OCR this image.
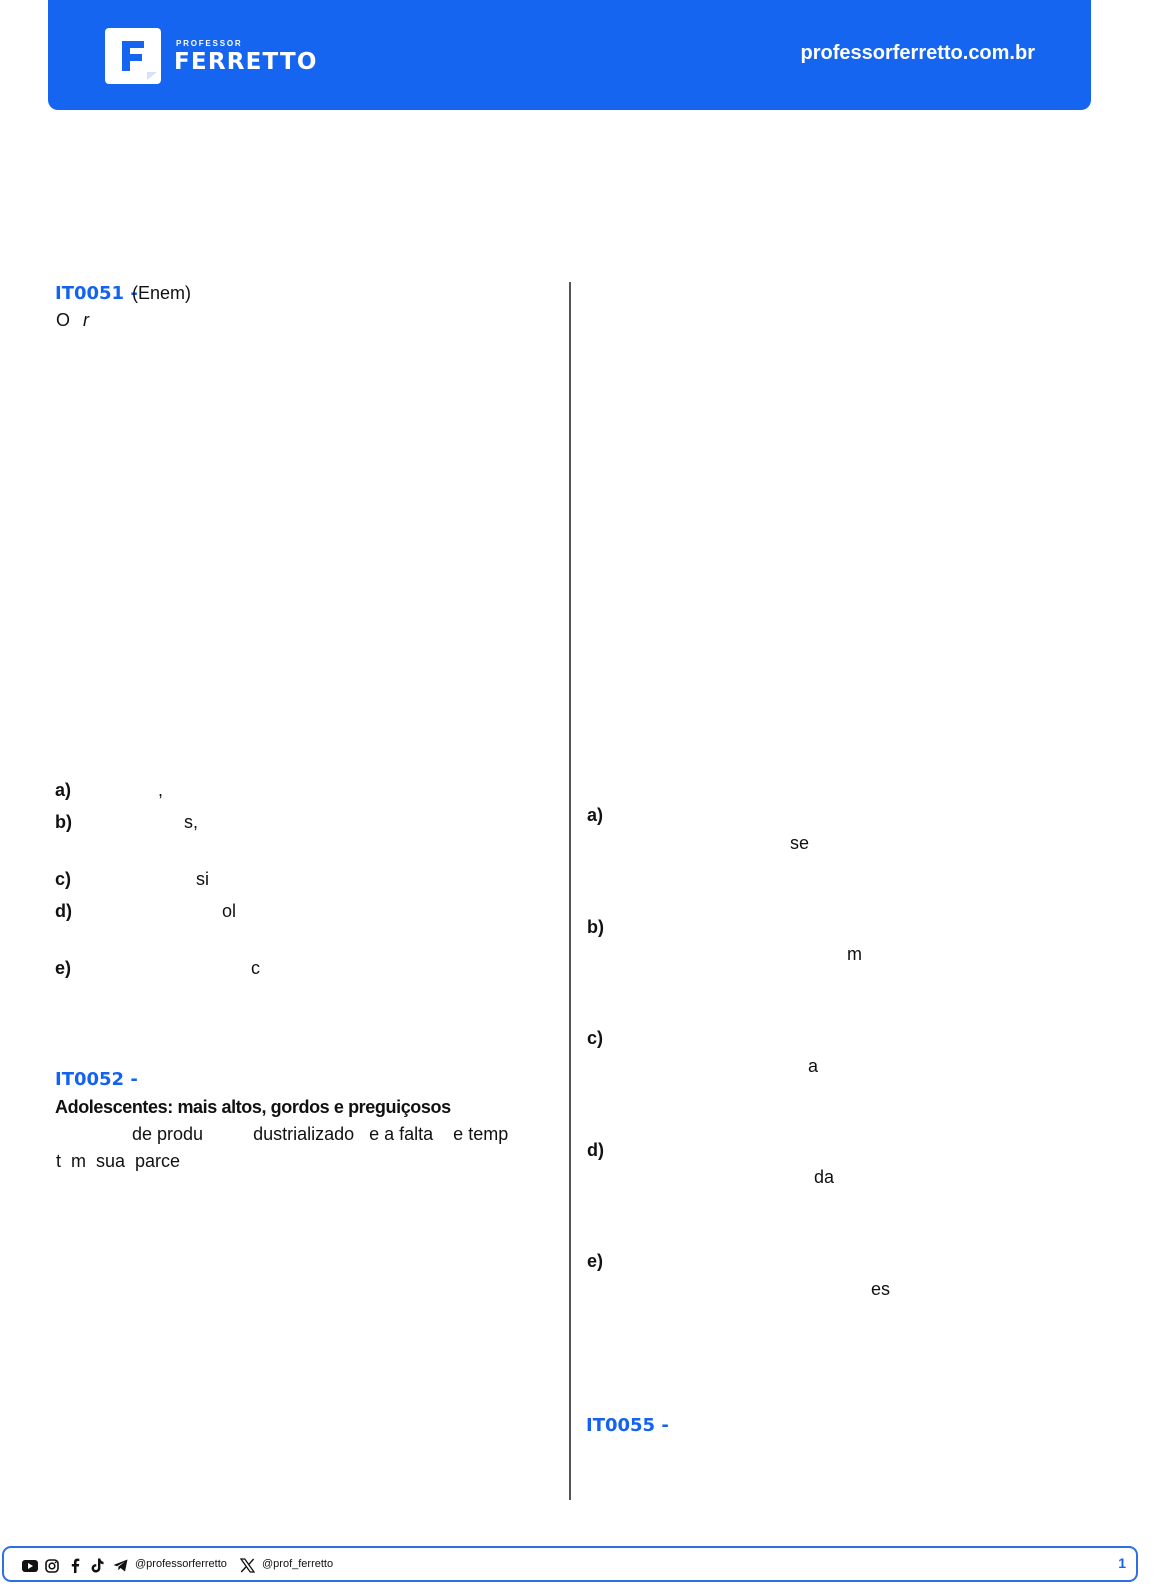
PROFESSOR
FERRETTO	professorferretto.com.br
IT0051 -
(Enem)
O r
a)	,
b)	s,
c)	si
d)	ol
e)	c
IT0052 -
Adolescentes: mais altos, gordos e preguiçosos
de produ          dustrializado   e a falta    e temp
t  m  sua  parce
a)
se
b)
m
c)
a
d)
da
e)
es
IT0055 -
@professorferretto	@prof_ferretto	1
